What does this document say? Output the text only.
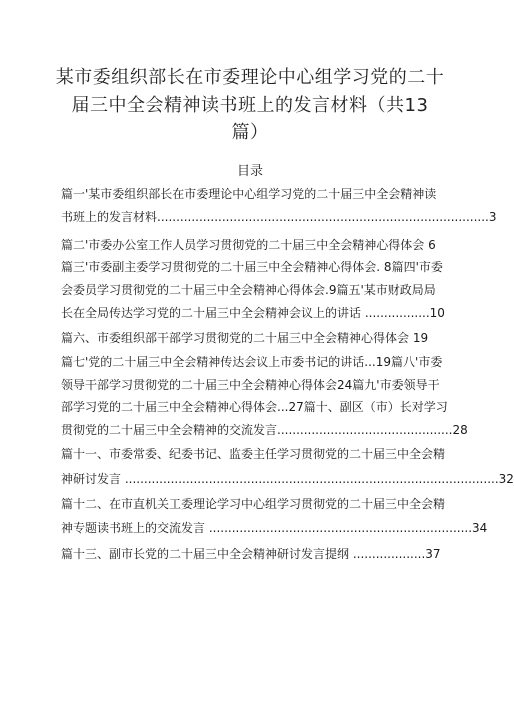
某市委组织部长在市委理论中心组学习党的二十
届三中全会精神读书班上的发言材料（共13
篇）
目录
篇一'某市委组织部长在市委理论中心组学习党的二十届三中全会精神读
书班上的发言材料.......................................................................................3
篇二'市委办公室工作人员学习贯彻党的二十届三中全会精神心得体会 6
篇三'市委副主委学习贯彻党的二十届三中全会精神心得体会. 8篇四'市委
会委员学习贯彻党的二十届三中全会精神心得体会.9篇五'某市财政局局
长在全局传达学习党的二十届三中全会精神会议上的讲话 .................10
篇六、市委组织部干部学习贯彻党的二十届三中全会精神心得体会 19
篇七'党的二十届三中全会精神传达会议上市委书记的讲话...19篇八'市委
领导干部学习贯彻党的二十届三中全会精神心得体会24篇九'市委领导干
部学习党的二十届三中全会精神心得体会...27篇十、副区（市）长对学习
贯彻党的二十届三中全会精神的交流发言..............................................28
篇十一、市委常委、纪委书记、监委主任学习贯彻党的二十届三中全会精
神研讨发言 ..................................................................................................32
篇十二、在市直机关工委理论学习中心组学习贯彻党的二十届三中全会精
神专题读书班上的交流发言 .....................................................................34
篇十三、副市长党的二十届三中全会精神研讨发言提纲 ...................37
